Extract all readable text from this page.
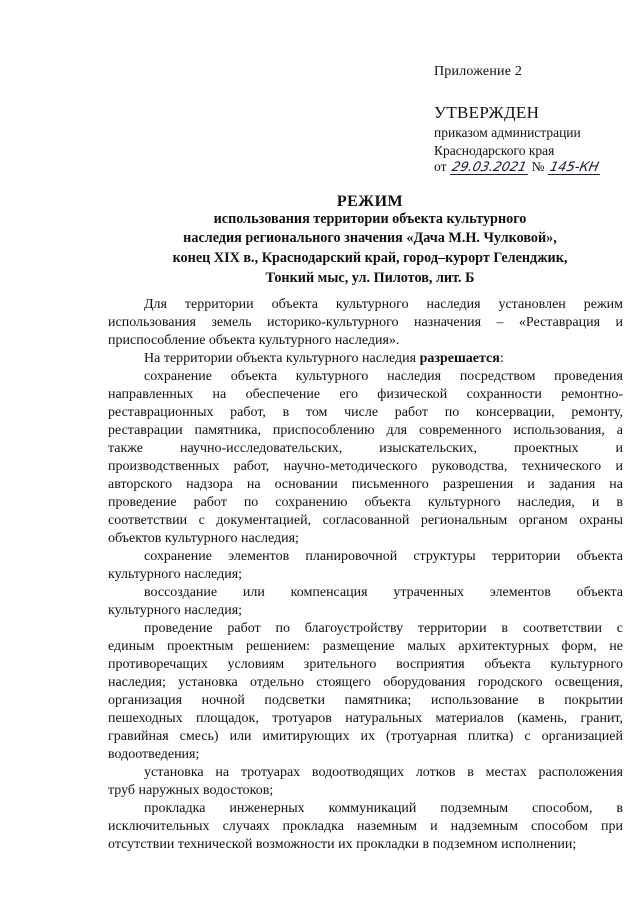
Приложение 2
УТВЕРЖДЕН
приказом администрации
Краснодарского края
от 29.03.2021 № 145-КН
РЕЖИМ
использования территории объекта культурного
наследия регионального значения «Дача М.Н. Чулковой»,
конец XIX в., Краснодарский край, город–курорт Геленджик,
Тонкий мыс, ул. Пилотов, лит. Б
Для территории объекта культурного наследия установлен режим
использования земель историко-культурного назначения – «Реставрация и
приспособление объекта культурного наследия».
На территории объекта культурного наследия разрешается:
сохранение объекта культурного наследия посредством проведения
направленных на обеспечение его физической сохранности ремонтно-
реставрационных работ, в том числе работ по консервации, ремонту,
реставрации памятника, приспособлению для современного использования, а
также научно-исследовательских, изыскательских, проектных и
производственных работ, научно-методического руководства, технического и
авторского надзора на основании письменного разрешения и задания на
проведение работ по сохранению объекта культурного наследия, и в
соответствии с документацией, согласованной региональным органом охраны
объектов культурного наследия;
сохранение элементов планировочной структуры территории объекта
культурного наследия;
воссоздание или компенсация утраченных элементов объекта
культурного наследия;
проведение работ по благоустройству территории в соответствии с
единым проектным решением: размещение малых архитектурных форм, не
противоречащих условиям зрительного восприятия объекта культурного
наследия; установка отдельно стоящего оборудования городского освещения,
организация ночной подсветки памятника; использование в покрытии
пешеходных площадок, тротуаров натуральных материалов (камень, гранит,
гравийная смесь) или имитирующих их (тротуарная плитка) с организацией
водоотведения;
установка на тротуарах водоотводящих лотков в местах расположения
труб наружных водостоков;
прокладка инженерных коммуникаций подземным способом, в
исключительных случаях прокладка наземным и надземным способом при
отсутствии технической возможности их прокладки в подземном исполнении;
